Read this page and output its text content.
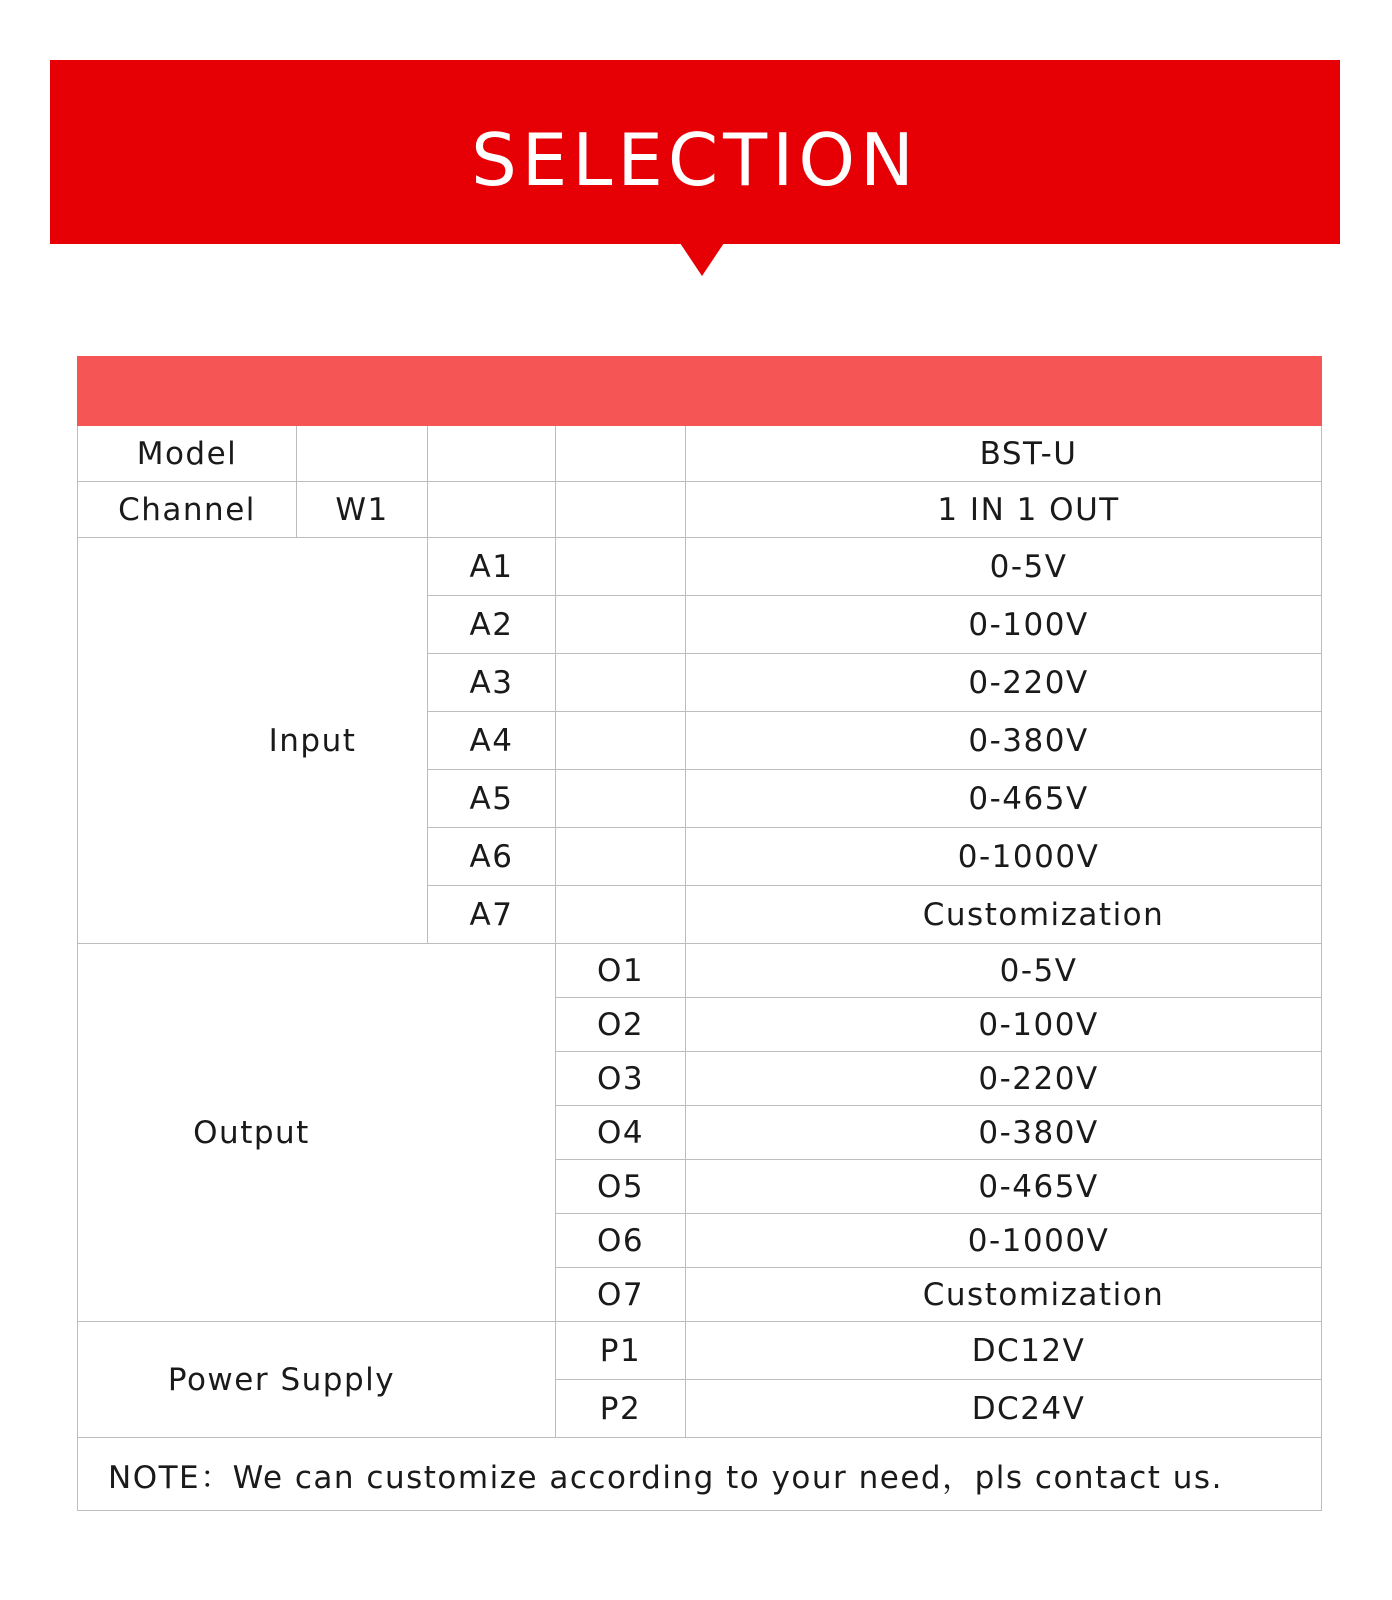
SELECTION

Model				BST-U
Channel	W1			1 IN 1 OUT
Input		A1		0-5V
		A2		0-100V
		A3		0-220V
		A4		0-380V
		A5		0-465V
		A6		0-1000V
		A7		Customization
Output			O1	0-5V
			O2	0-100V
			O3	0-220V
			O4	0-380V
			O5	0-465V
			O6	0-1000V
			O7	Customization
Power Supply			P1	DC12V
			P2	DC24V
NOTE：We can customize according to your need，pls contact us.				
